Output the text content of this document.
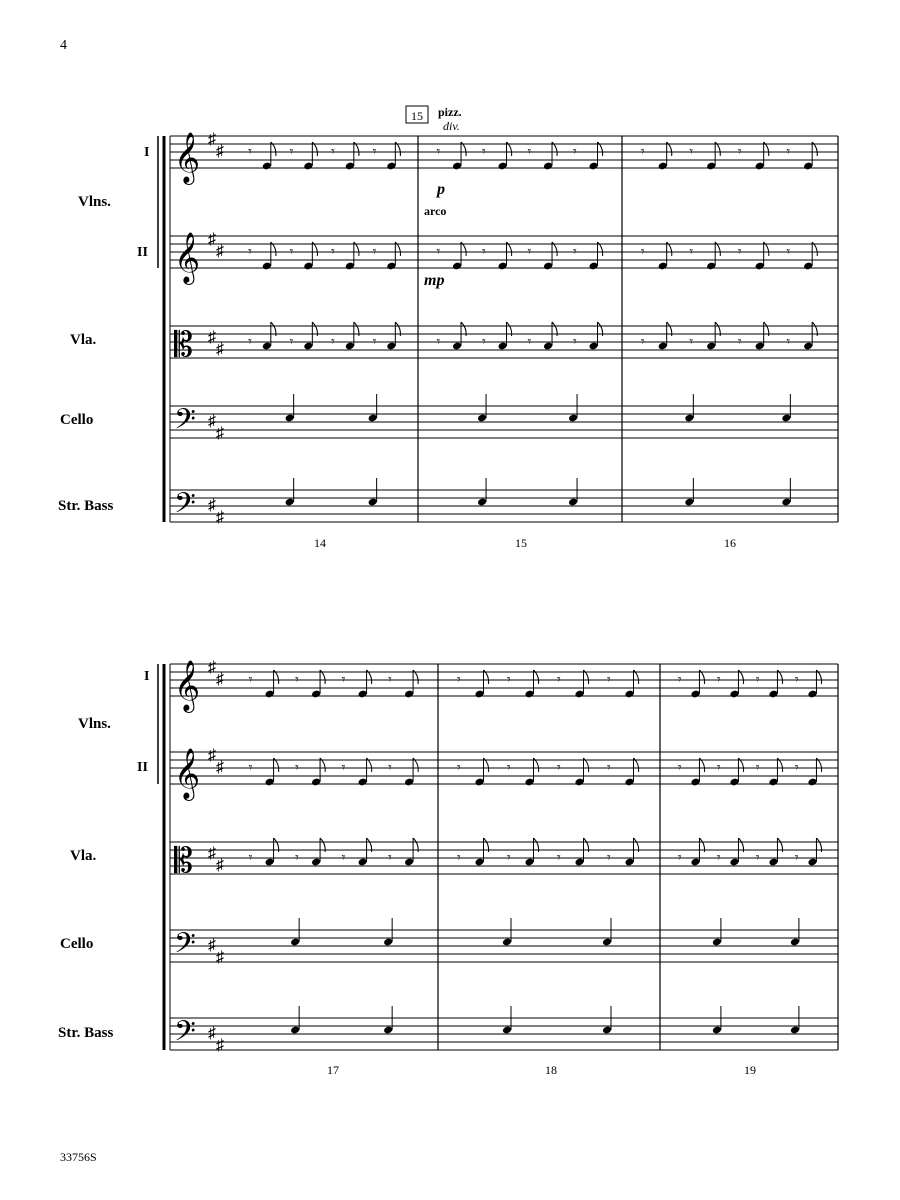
4
33756S
𝄞 ♯
♯
𝄞 ♯
♯
𝄡 ♯
♯
𝄢 ♯
♯
𝄢 ♯
♯
𝄞 ♯
♯
𝄞 ♯
♯
𝄡 ♯
♯
𝄢 ♯
♯
𝄢 ♯
♯
𝄾	𝄾	𝄾	𝄾	𝄾	𝄾	𝄾	𝄾	𝄾	𝄾	𝄾	𝄾
𝄾	𝄾	𝄾	𝄾	𝄾	𝄾	𝄾	𝄾	𝄾	𝄾	𝄾	𝄾
𝄾	𝄾	𝄾	𝄾	𝄾	𝄾	𝄾	𝄾	𝄾	𝄾	𝄾	𝄾
𝄾	𝄾	𝄾	𝄾	𝄾	𝄾	𝄾	𝄾	𝄾	𝄾	𝄾	𝄾
𝄾	𝄾	𝄾	𝄾	𝄾	𝄾	𝄾	𝄾	𝄾	𝄾	𝄾	𝄾
𝄾	𝄾	𝄾	𝄾	𝄾	𝄾	𝄾	𝄾	𝄾	𝄾	𝄾	𝄾
Vlns.
I
II
Vla.
Cello
Str. Bass
Vlns.
I
II
Vla.
Cello
Str. Bass
14	15	16
17	18	19
15 pizz.
div.
arco
p
mp
